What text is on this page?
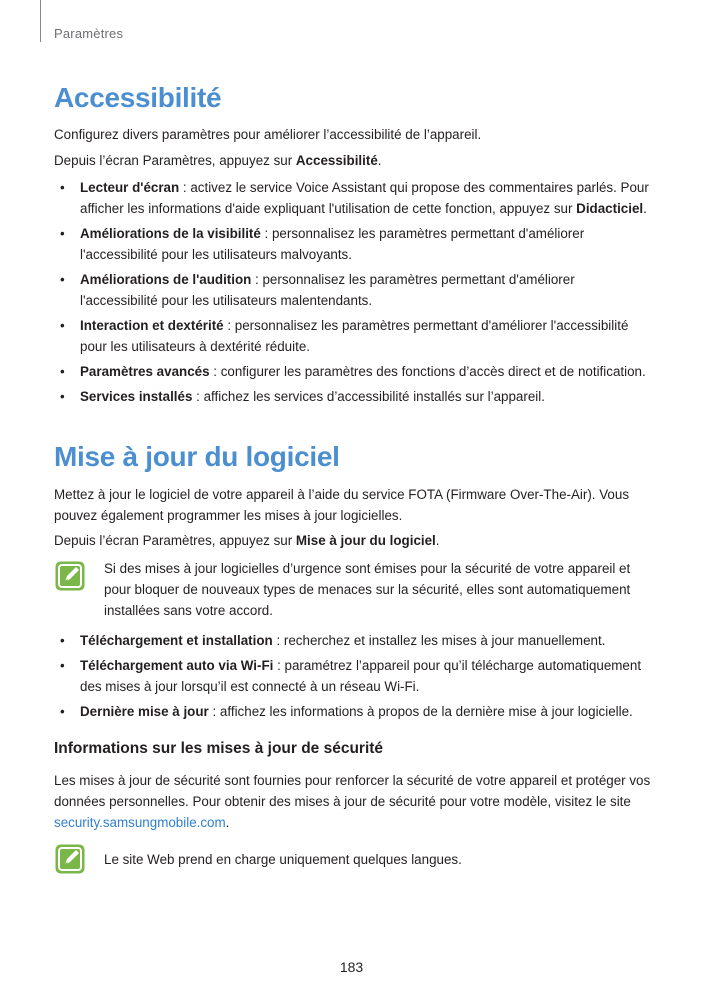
Paramètres
Accessibilité

Configurez divers paramètres pour améliorer l’accessibilité de l’appareil.

Depuis l’écran Paramètres, appuyez sur Accessibilité.

• Lecteur d'écran : activez le service Voice Assistant qui propose des commentaires parlés. Pour afficher les informations d'aide expliquant l'utilisation de cette fonction, appuyez sur Didacticiel.
• Améliorations de la visibilité : personnalisez les paramètres permettant d'améliorer l'accessibilité pour les utilisateurs malvoyants.
• Améliorations de l'audition : personnalisez les paramètres permettant d'améliorer l'accessibilité pour les utilisateurs malentendants.
• Interaction et dextérité : personnalisez les paramètres permettant d'améliorer l'accessibilité pour les utilisateurs à dextérité réduite.
• Paramètres avancés : configurer les paramètres des fonctions d’accès direct et de notification.
• Services installés : affichez les services d’accessibilité installés sur l’appareil.
Mise à jour du logiciel

Mettez à jour le logiciel de votre appareil à l’aide du service FOTA (Firmware Over-The-Air). Vous pouvez également programmer les mises à jour logicielles.

Depuis l’écran Paramètres, appuyez sur Mise à jour du logiciel.

Si des mises à jour logicielles d’urgence sont émises pour la sécurité de votre appareil et pour bloquer de nouveaux types de menaces sur la sécurité, elles sont automatiquement installées sans votre accord.

• Téléchargement et installation : recherchez et installez les mises à jour manuellement.
• Téléchargement auto via Wi-Fi : paramétrez l’appareil pour qu’il télécharge automatiquement des mises à jour lorsqu’il est connecté à un réseau Wi-Fi.
• Dernière mise à jour : affichez les informations à propos de la dernière mise à jour logicielle.
Informations sur les mises à jour de sécurité

Les mises à jour de sécurité sont fournies pour renforcer la sécurité de votre appareil et protéger vos données personnelles. Pour obtenir des mises à jour de sécurité pour votre modèle, visitez le site security.samsungmobile.com.

Le site Web prend en charge uniquement quelques langues.

183
